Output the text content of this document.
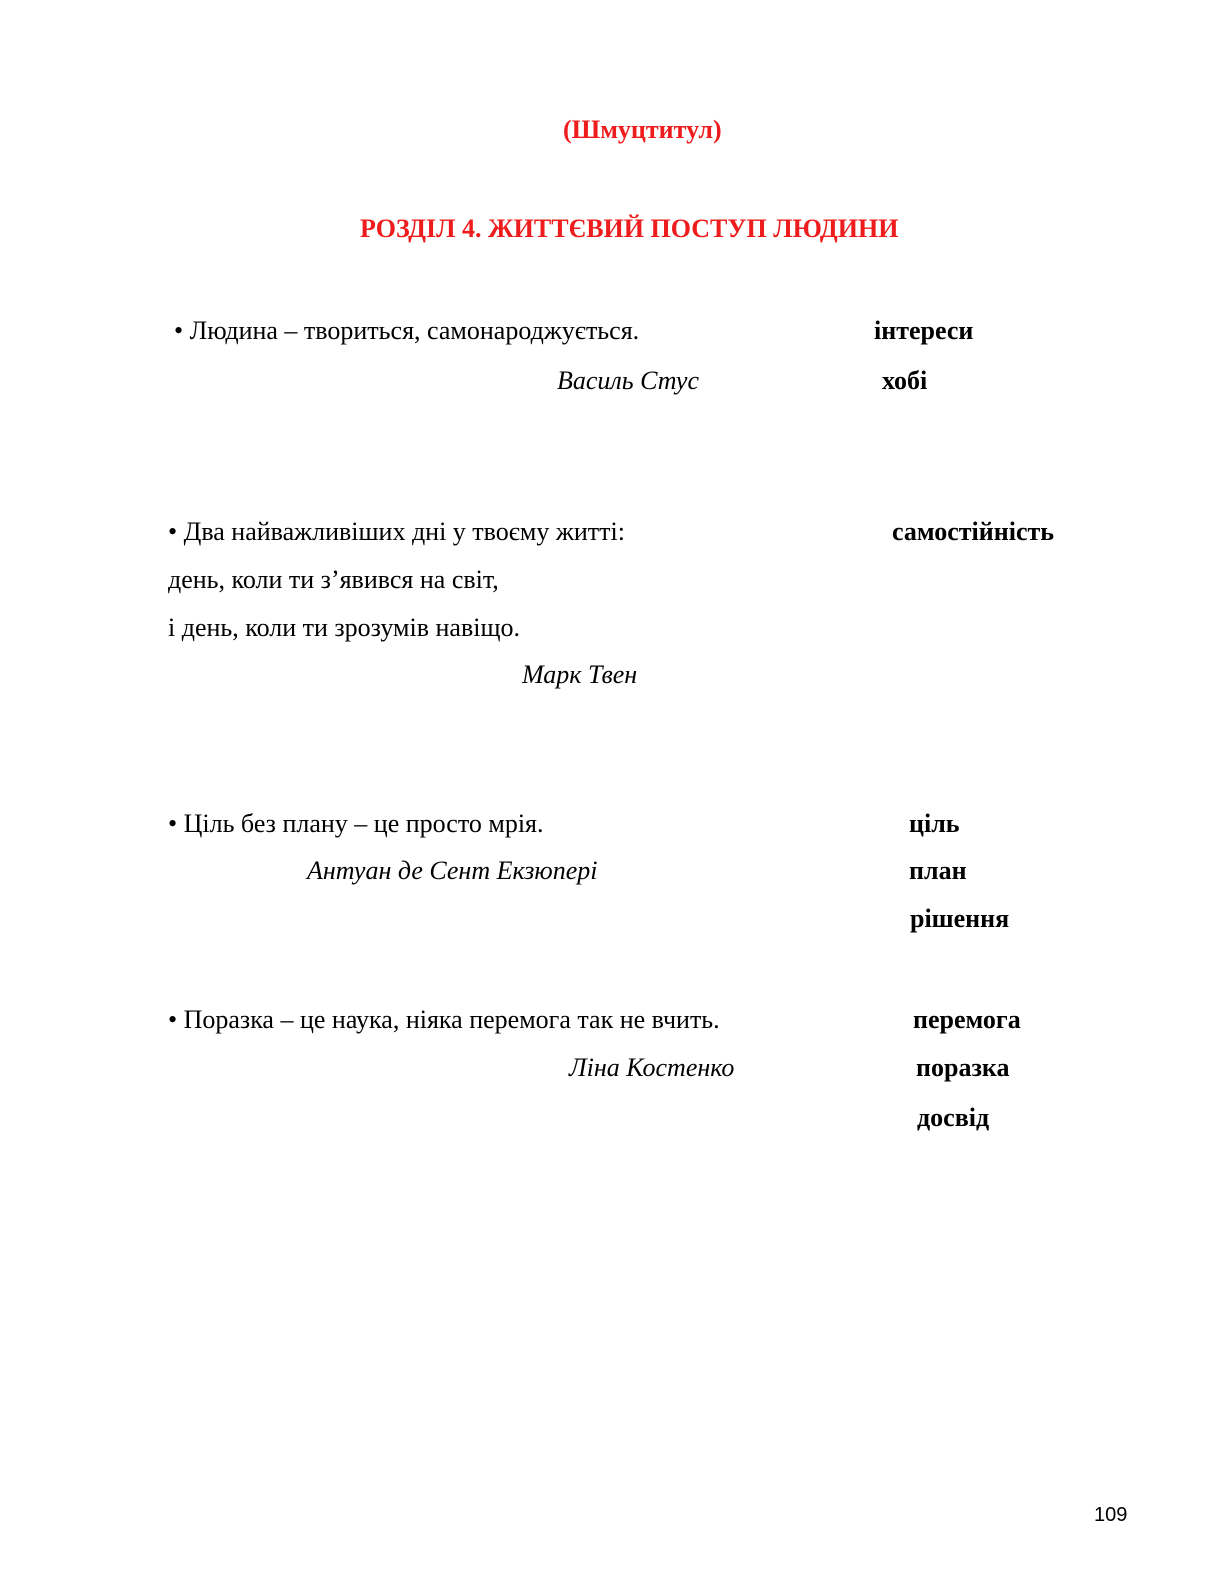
(Шмуцтитул)
РОЗДІЛ 4. ЖИТТЄВИЙ ПОСТУП ЛЮДИНИ
• Людина – твориться, самонароджується.
Василь Стус
інтереси
хобі
• Два найважливіших дні у твоєму житті:
день, коли ти з’явився на світ,
і день, коли ти зрозумів навіщо.
Марк Твен
самостійність
• Ціль без плану – це просто мрія.
Антуан де Сент Екзюпері
ціль
план
рішення
• Поразка – це наука, ніяка перемога так не вчить.
Ліна Костенко
перемога
поразка
досвід
109
